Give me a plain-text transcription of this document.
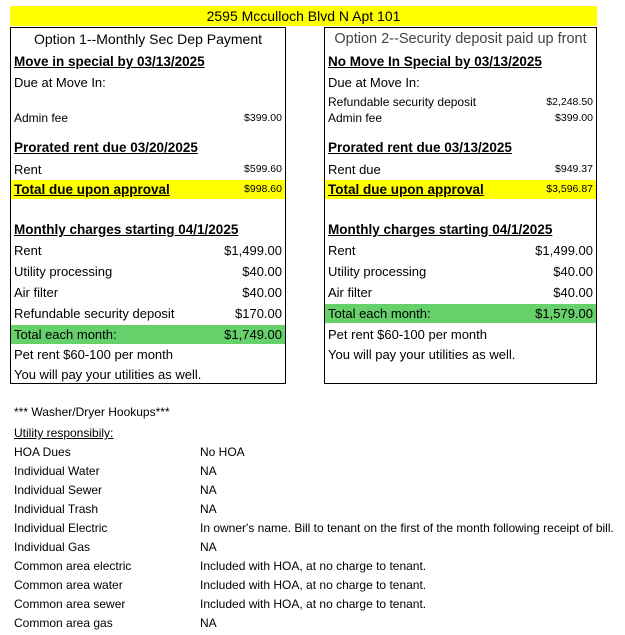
2595 Mcculloch Blvd N Apt 101
Option 1--Monthly Sec Dep Payment
Move in special by 03/13/2025
Due at Move In:
Admin fee	$399.00
Prorated rent due 03/20/2025
Rent	$599.60
Total due upon approval	$998.60
Monthly charges starting 04/1/2025
Rent	$1,499.00
Utility processing	$40.00
Air filter	$40.00
Refundable security deposit	$170.00
Total each month:	$1,749.00
Pet rent $60-100 per month
You will pay your utilities as well.
Option 2--Security deposit paid up front
No Move In Special by 03/13/2025
Due at Move In:
Refundable security deposit	$2,248.50
Admin fee	$399.00
Prorated rent due 03/13/2025
Rent due	$949.37
Total due upon approval	$3,596.87
Monthly charges starting 04/1/2025
Rent	$1,499.00
Utility processing	$40.00
Air filter	$40.00
Total each month:	$1,579.00
Pet rent $60-100 per month
You will pay your utilities as well.
*** Washer/Dryer Hookups***
Utility responsibily:
HOA Dues	No HOA
Individual Water	NA
Individual Sewer	NA
Individual Trash	NA
Individual Electric	In owner's name. Bill to tenant on the first of the month following receipt of bill.
Individual Gas	NA
Common area electric	Included with HOA, at no charge to tenant.
Common area water	Included with HOA, at no charge to tenant.
Common area sewer	Included with HOA, at no charge to tenant.
Common area gas	NA
